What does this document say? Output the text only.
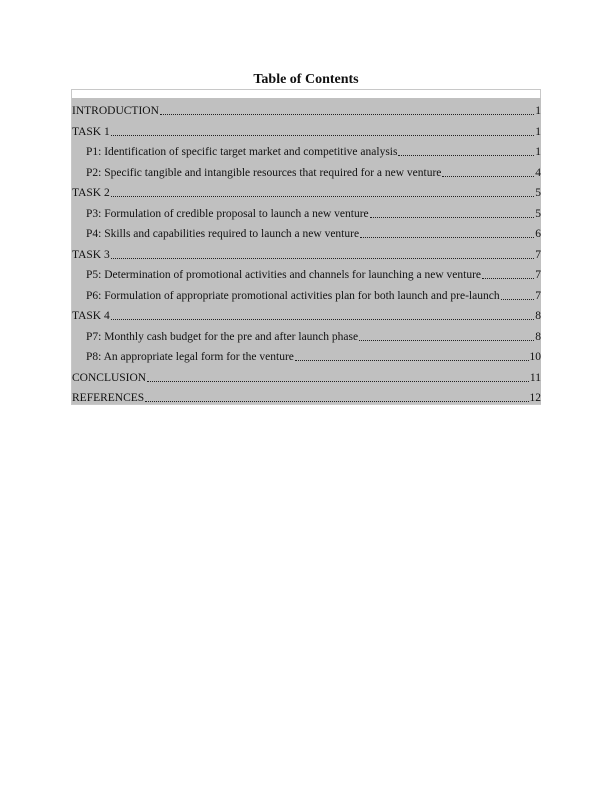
Table of Contents
INTRODUCTION	1
TASK 1	1
P1: Identification of specific target market and competitive analysis	1
P2: Specific tangible and intangible resources that required for a new venture	4
TASK 2	5
P3: Formulation of credible proposal to launch a new venture	5
P4: Skills and capabilities required to launch a new venture	6
TASK 3	7
P5: Determination of promotional activities and channels for launching a new venture	7
P6: Formulation of appropriate promotional activities plan for both launch and pre-launch	7
TASK 4	8
P7: Monthly cash budget for the pre and after launch phase	8
P8: An appropriate legal form for the venture	10
CONCLUSION	11
REFERENCES	12
